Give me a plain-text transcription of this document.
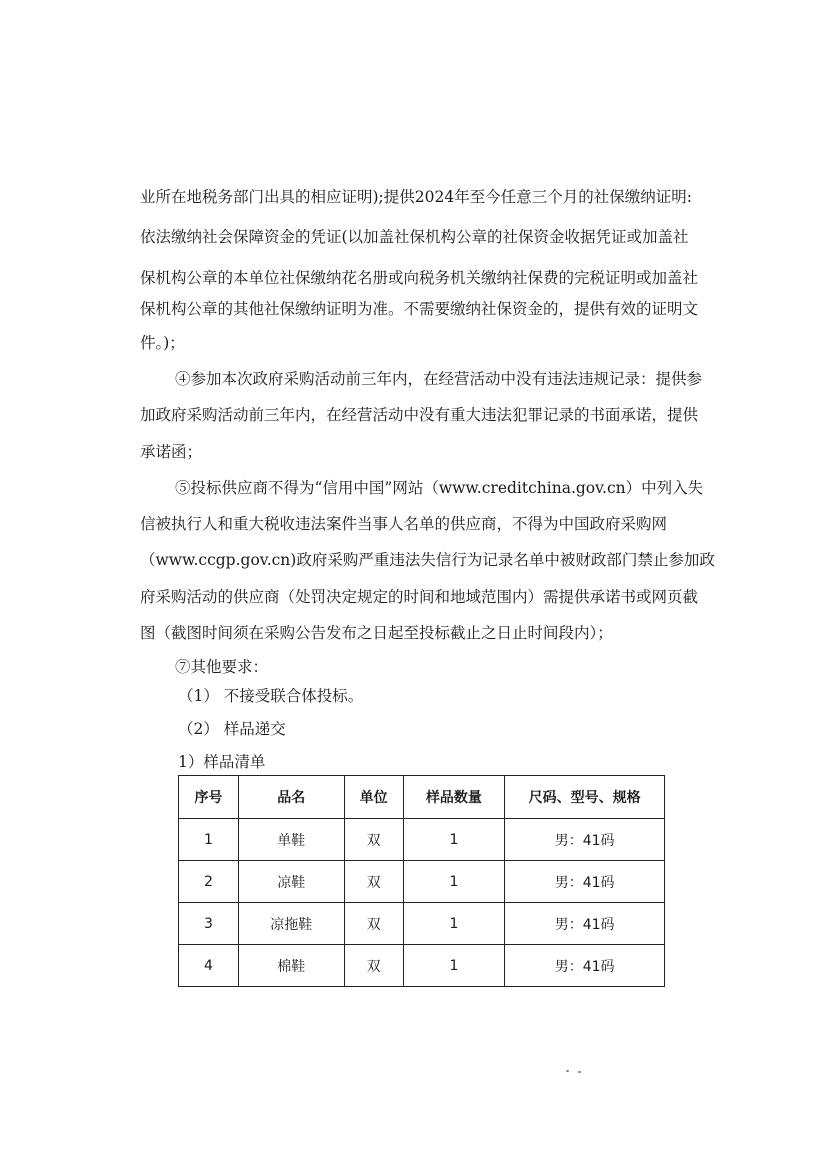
业所在地税务部门出具的相应证明);提供2024年至今任意三个月的社保缴纳证明:
依法缴纳社会保障资金的凭证(以加盖社保机构公章的社保资金收据凭证或加盖社
保机构公章的本单位社保缴纳花名册或向税务机关缴纳社保费的完税证明或加盖社
保机构公章的其他社保缴纳证明为准。不需要缴纳社保资金的，提供有效的证明文
件。)；
④参加本次政府采购活动前三年内，在经营活动中没有违法违规记录：提供参
加政府采购活动前三年内，在经营活动中没有重大违法犯罪记录的书面承诺，提供
承诺函；
⑤投标供应商不得为“信用中国”网站（www.creditchina.gov.cn）中列入失
信被执行人和重大税收违法案件当事人名单的供应商，不得为中国政府采购网
（www.ccgp.gov.cn)政府采购严重违法失信行为记录名单中被财政部门禁止参加政
府采购活动的供应商（处罚决定规定的时间和地域范围内）需提供承诺书或网页截
图（截图时间须在采购公告发布之日起至投标截止之日止时间段内）；
⑦其他要求：
（1） 不接受联合体投标。
（2） 样品递交
1）样品清单
序号	品名	单位	样品数量	尺码、型号、规格
1	单鞋	双	1	男：41码
2	凉鞋	双	1	男：41码
3	凉拖鞋	双	1	男：41码
4	棉鞋	双	1	男：41码
